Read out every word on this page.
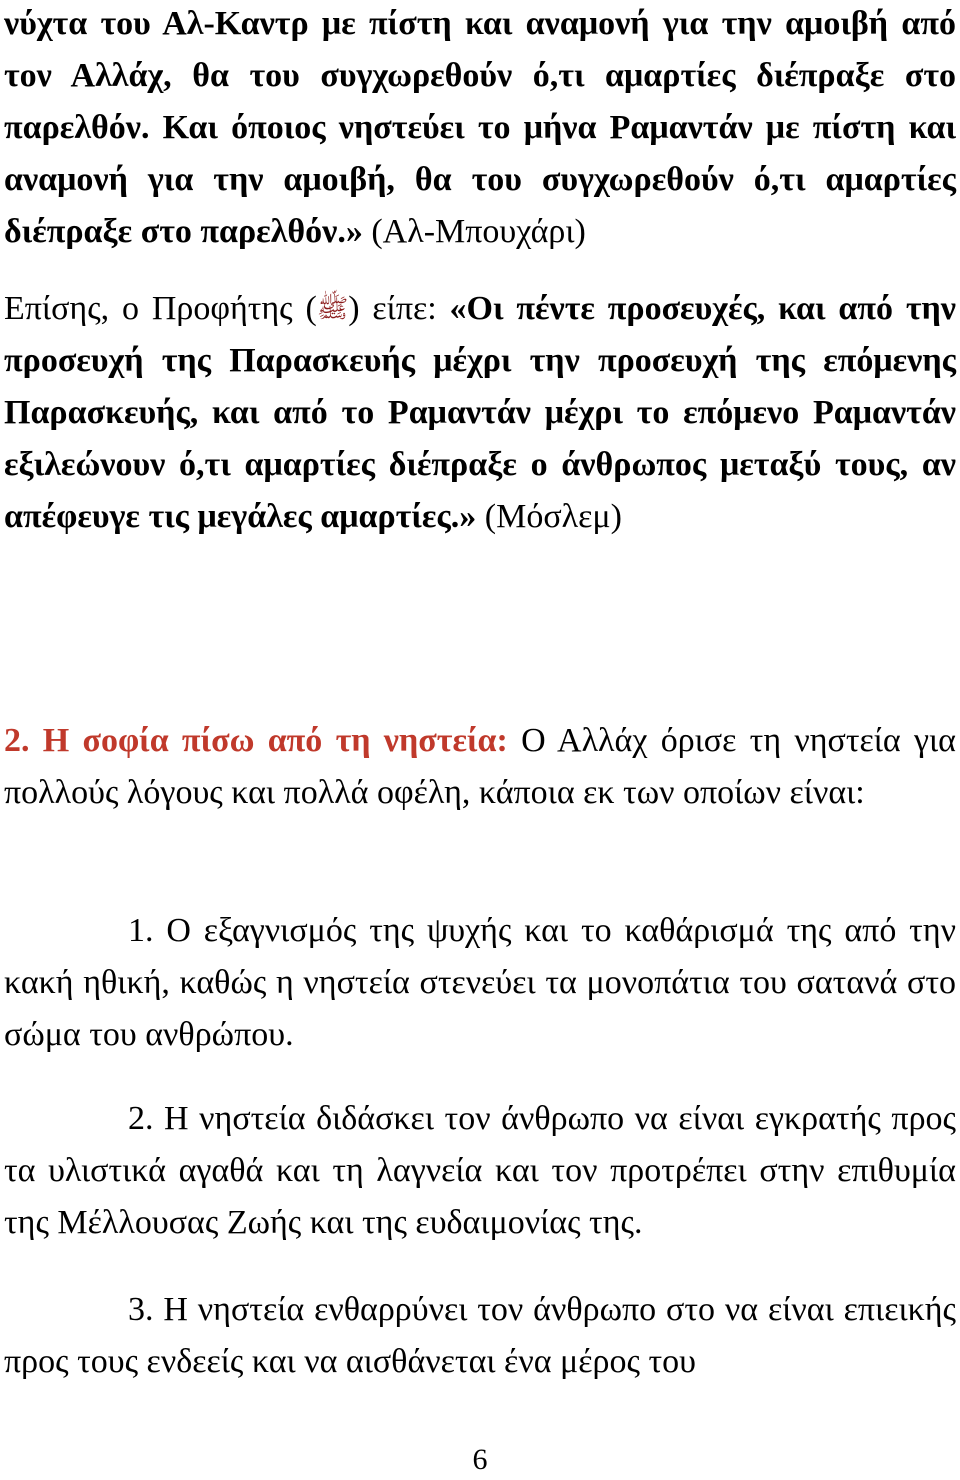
νύχτα του Αλ-Καντρ με πίστη και αναμονή για την αμοιβή από τον Αλλάχ, θα του συγχωρεθούν ό,τι αμαρτίες διέπραξε στο παρελθόν. Και όποιος νηστεύει το μήνα Ραμαντάν με πίστη και αναμονή για την αμοιβή, θα του συγχωρεθούν ό,τι αμαρτίες διέπραξε στο παρελθόν.» (Αλ-Μπουχάρι)

Επίσης, ο Προφήτης (ﷺ) είπε: «Οι πέντε προσευχές, και από την προσευχή της Παρασκευής μέχρι την προσευχή της επόμενης Παρασκευής, και από το Ραμαντάν μέχρι το επόμενο Ραμαντάν εξιλεώνουν ό,τι αμαρτίες διέπραξε ο άνθρωπος μεταξύ τους, αν απέφευγε τις μεγάλες αμαρτίες.» (Μόσλεμ)

2. Η σοφία πίσω από τη νηστεία: Ο Αλλάχ όρισε τη νηστεία για πολλούς λόγους και πολλά οφέλη, κάποια εκ των οποίων είναι:

1. Ο εξαγνισμός της ψυχής και το καθάρισμά της από την κακή ηθική, καθώς η νηστεία στενεύει τα μονοπάτια του σατανά στο σώμα του ανθρώπου.

2. Η νηστεία διδάσκει τον άνθρωπο να είναι εγκρατής προς τα υλιστικά αγαθά και τη λαγνεία και τον προτρέπει στην επιθυμία της Μέλλουσας Ζωής και της ευδαιμονίας της.

3. Η νηστεία ενθαρρύνει τον άνθρωπο στο να είναι επιεικής προς τους ενδεείς και να αισθάνεται ένα μέρος του

6
